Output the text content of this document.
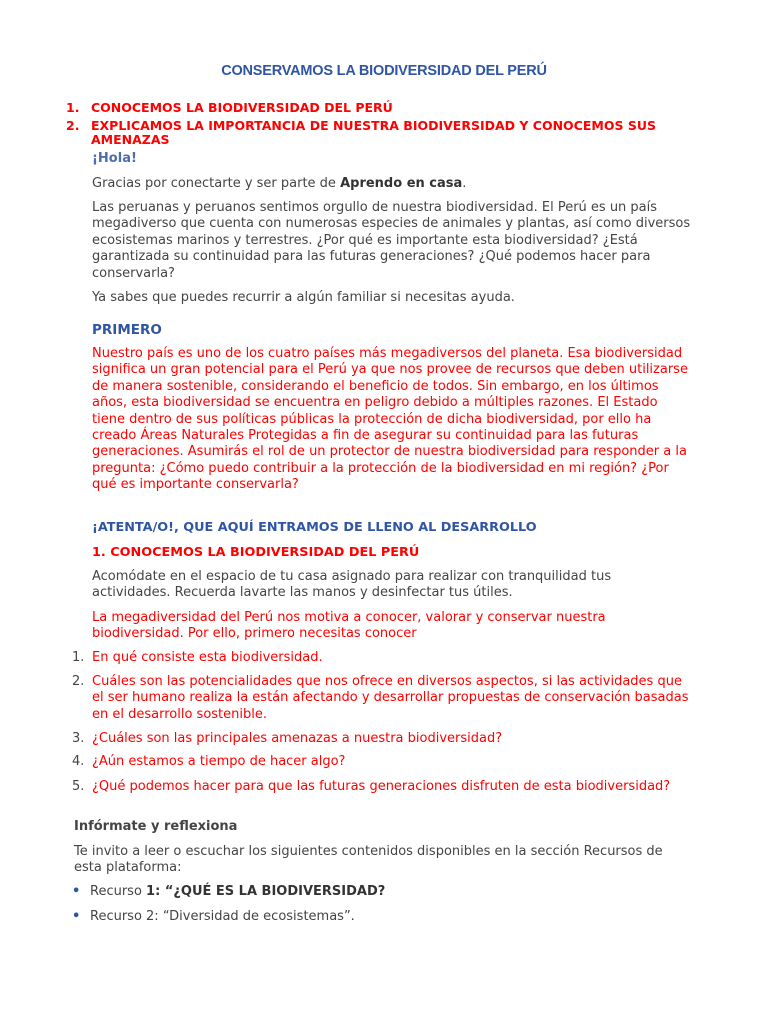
CONSERVAMOS LA BIODIVERSIDAD DEL PERÚ
1. CONOCEMOS LA BIODIVERSIDAD DEL PERÚ
2. EXPLICAMOS LA IMPORTANCIA DE NUESTRA BIODIVERSIDAD Y CONOCEMOS SUS AMENAZAS
¡Hola!
Gracias por conectarte y ser parte de Aprendo en casa.
Las peruanas y peruanos sentimos orgullo de nuestra biodiversidad. El Perú es un país megadiverso que cuenta con numerosas especies de animales y plantas, así como diversos ecosistemas marinos y terrestres. ¿Por qué es importante esta biodiversidad? ¿Está garantizada su continuidad para las futuras generaciones? ¿Qué podemos hacer para conservarla?
Ya sabes que puedes recurrir a algún familiar si necesitas ayuda.
PRIMERO
Nuestro país es uno de los cuatro países más megadiversos del planeta. Esa biodiversidad significa un gran potencial para el Perú ya que nos provee de recursos que deben utilizarse de manera sostenible, considerando el beneficio de todos. Sin embargo, en los últimos años, esta biodiversidad se encuentra en peligro debido a múltiples razones. El Estado tiene dentro de sus políticas públicas la protección de dicha biodiversidad, por ello ha creado Áreas Naturales Protegidas a fin de asegurar su continuidad para las futuras generaciones. Asumirás el rol de un protector de nuestra biodiversidad para responder a la pregunta: ¿Cómo puedo contribuir a la protección de la biodiversidad en mi región? ¿Por qué es importante conservarla?
¡ATENTA/O!, QUE AQUÍ ENTRAMOS DE LLENO AL DESARROLLO
1. CONOCEMOS LA BIODIVERSIDAD DEL PERÚ
Acomódate en el espacio de tu casa asignado para realizar con tranquilidad tus actividades. Recuerda lavarte las manos y desinfectar tus útiles.
La megadiversidad del Perú nos motiva a conocer, valorar y conservar nuestra biodiversidad. Por ello, primero necesitas conocer
1. En qué consiste esta biodiversidad.
2. Cuáles son las potencialidades que nos ofrece en diversos aspectos, si las actividades que el ser humano realiza la están afectando y desarrollar propuestas de conservación basadas en el desarrollo sostenible.
3. ¿Cuáles son las principales amenazas a nuestra biodiversidad?
4. ¿Aún estamos a tiempo de hacer algo?
5. ¿Qué podemos hacer para que las futuras generaciones disfruten de esta biodiversidad?
Infórmate y reflexiona
Te invito a leer o escuchar los siguientes contenidos disponibles en la sección Recursos de esta plataforma:
• Recurso 1: “¿QUÉ ES LA BIODIVERSIDAD?
• Recurso 2: “Diversidad de ecosistemas”.
